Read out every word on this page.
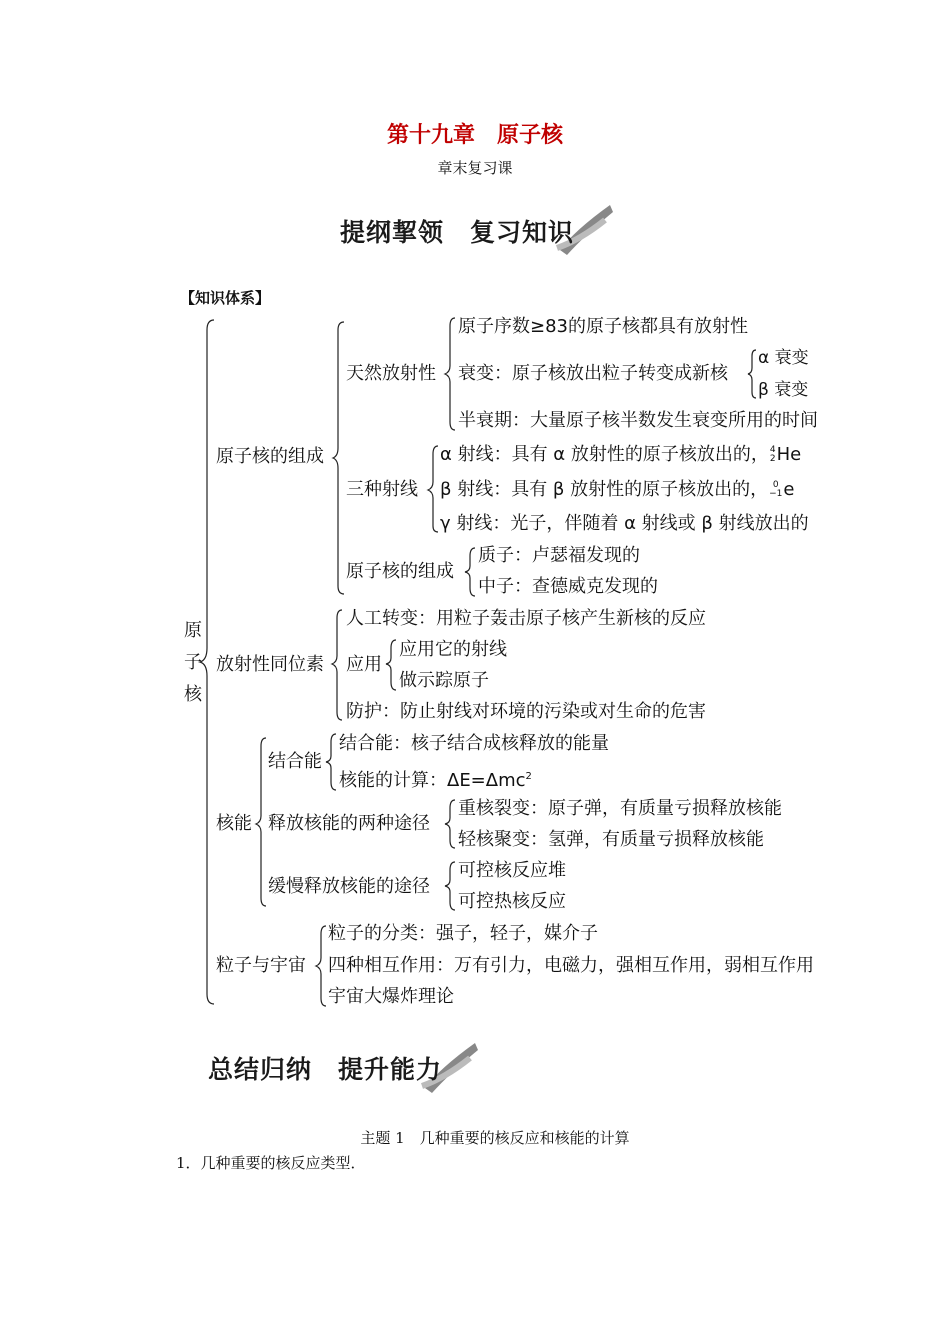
第十九章　原子核
章末复习课
提纲挈领　复习知识
【知识体系】
原
子
核
原子核的组成
天然放射性
原子序数≥83的原子核都具有放射性
衰变：原子核放出粒子转变成新核
α 衰变
β 衰变
半衰期：大量原子核半数发生衰变所用的时间
三种射线
α 射线：具有 α 放射性的原子核放出的，4
2He
β 射线：具有 β 放射性的原子核放出的， 0
−1e
γ 射线：光子，伴随着 α 射线或 β 射线放出的
原子核的组成
质子：卢瑟福发现的
中子：查德威克发现的
放射性同位素
人工转变：用粒子轰击原子核产生新核的反应
应用
应用它的射线
做示踪原子
防护：防止射线对环境的污染或对生命的危害
核能
结合能
结合能：核子结合成核释放的能量
核能的计算：ΔE=Δmc$^2$
释放核能的两种途径
重核裂变：原子弹，有质量亏损释放核能
轻核聚变：氢弹，有质量亏损释放核能
缓慢释放核能的途径
可控核反应堆
可控热核反应
粒子与宇宙
粒子的分类：强子，轻子，媒介子
四种相互作用：万有引力，电磁力，强相互作用，弱相互作用
宇宙大爆炸理论
总结归纳　提升能力
主题 1　几种重要的核反应和核能的计算
1．几种重要的核反应类型．
